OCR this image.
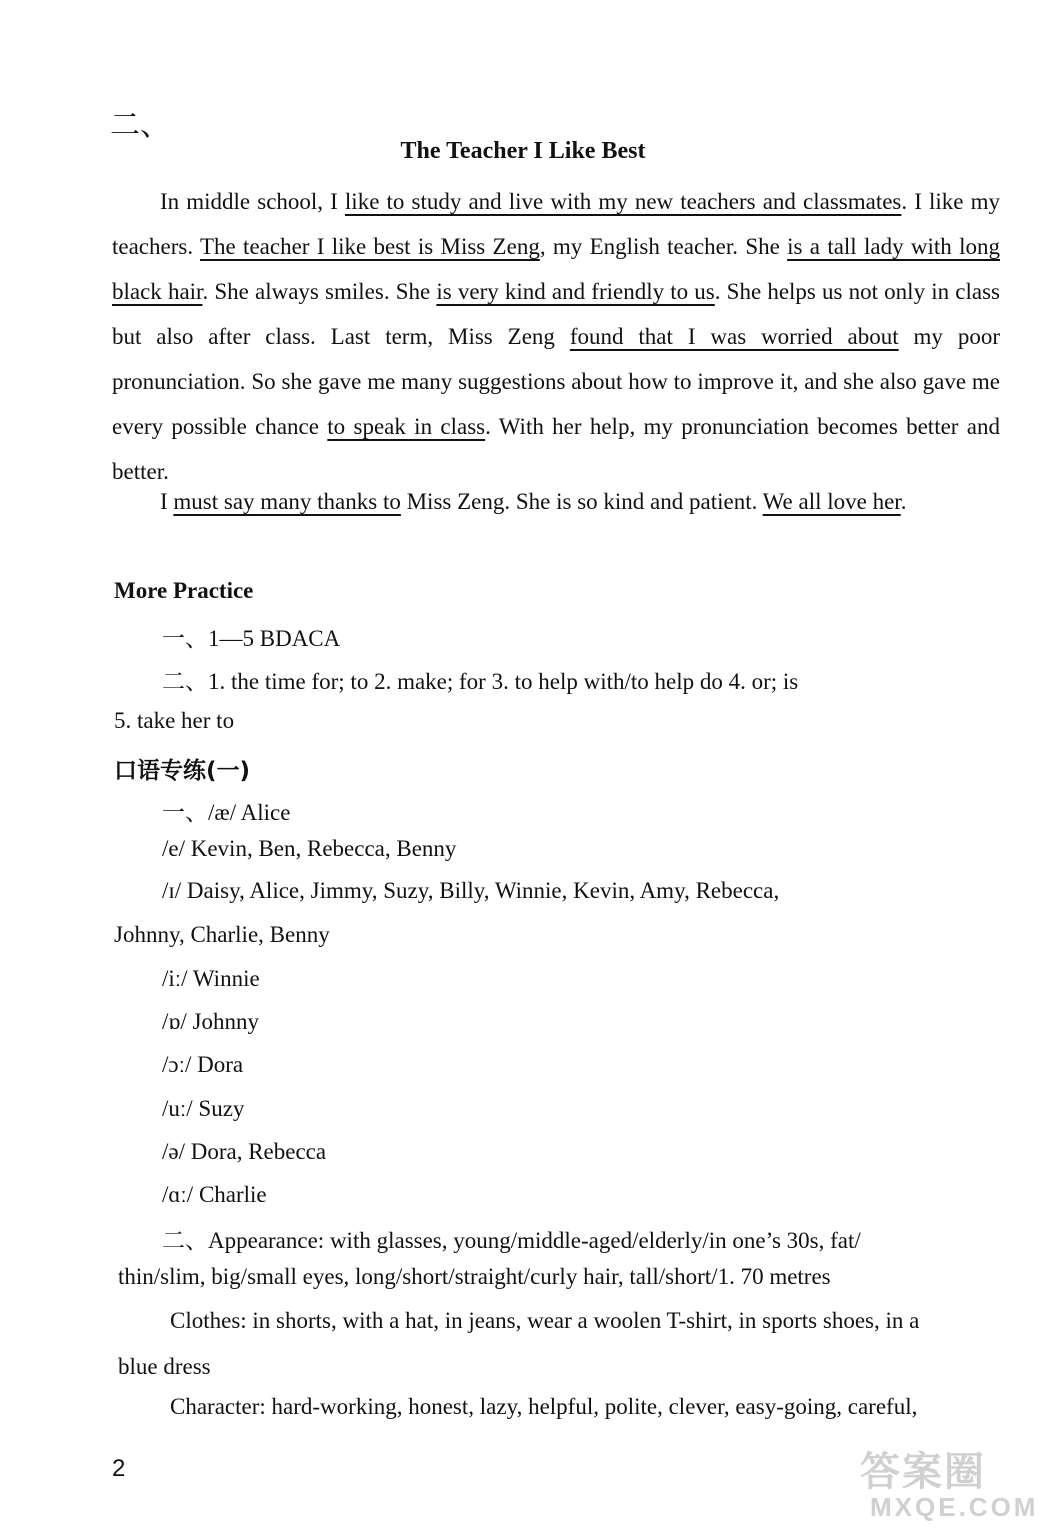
二、
The Teacher I Like Best
In middle school, I like to study and live with my new teachers and classmates. I like my teachers. The teacher I like best is Miss Zeng, my English teacher. She is a tall lady with long black hair. She always smiles. She is very kind and friendly to us. She helps us not only in class but also after class. Last term, Miss Zeng found that I was worried about my poor pronunciation. So she gave me many suggestions about how to improve it, and she also gave me every possible chance to speak in class. With her help, my pronunciation becomes better and better.
I must say many thanks to Miss Zeng. She is so kind and patient. We all love her.
More Practice
一、1—5 BDACA
二、1. the time for; to 2. make; for 3. to help with/to help do 4. or; is
5. take her to
口语专练(一)
一、/æ/ Alice
/e/ Kevin, Ben, Rebecca, Benny
/ɪ/ Daisy, Alice, Jimmy, Suzy, Billy, Winnie, Kevin, Amy, Rebecca,
Johnny, Charlie, Benny
/iː/ Winnie
/ɒ/ Johnny
/ɔː/ Dora
/uː/ Suzy
/ə/ Dora, Rebecca
/ɑː/ Charlie
二、Appearance: with glasses, young/middle-aged/elderly/in one’s 30s, fat/
thin/slim, big/small eyes, long/short/straight/curly hair, tall/short/1. 70 metres
Clothes: in shorts, with a hat, in jeans, wear a woolen T-shirt, in sports shoes, in a
blue dress
Character: hard-working, honest, lazy, helpful, polite, clever, easy-going, careful,
2	答案圈
MXQE.COM
